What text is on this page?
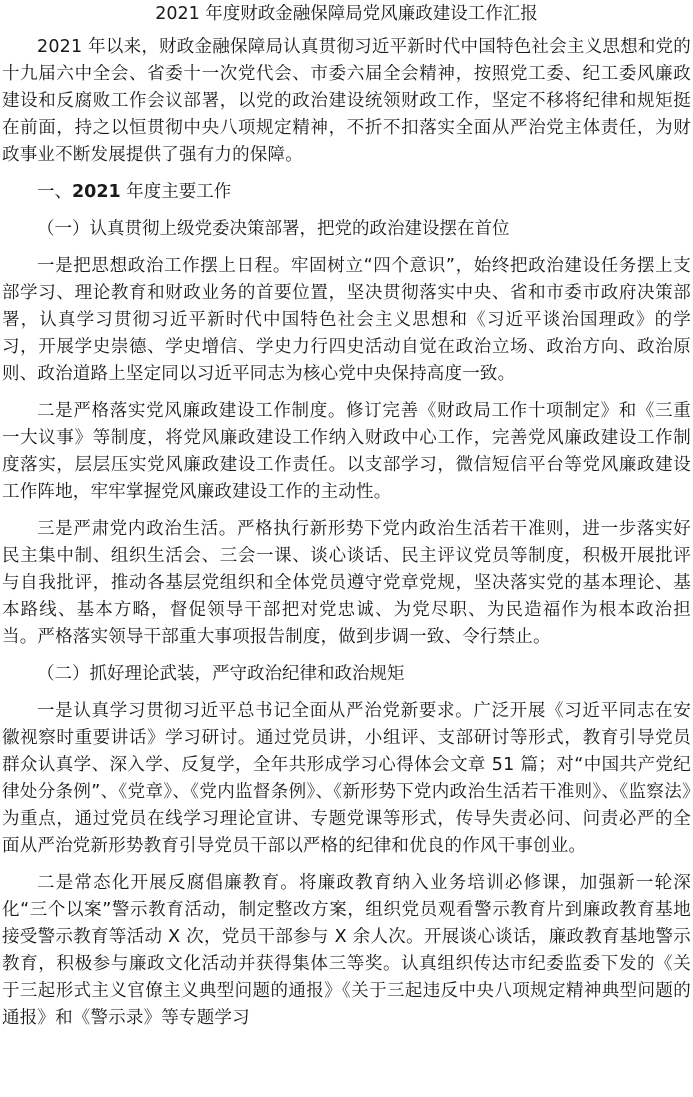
2021 年度财政金融保障局党风廉政建设工作汇报

2021 年以来，财政金融保障局认真贯彻习近平新时代中国特色社会主义思想和党的十九届六中全会、省委十一次党代会、市委六届全会精神，按照党工委、纪工委风廉政建设和反腐败工作会议部署，以党的政治建设统领财政工作，坚定不移将纪律和规矩挺在前面，持之以恒贯彻中央八项规定精神，不折不扣落实全面从严治党主体责任，为财政事业不断发展提供了强有力的保障。

一、2021 年度主要工作

（一）认真贯彻上级党委决策部署，把党的政治建设摆在首位

一是把思想政治工作摆上日程。牢固树立“四个意识”，始终把政治建设任务摆上支部学习、理论教育和财政业务的首要位置，坚决贯彻落实中央、省和市委市政府决策部署，认真学习贯彻习近平新时代中国特色社会主义思想和《习近平谈治国理政》的学习，开展学史崇德、学史增信、学史力行四史活动自觉在政治立场、政治方向、政治原则、政治道路上坚定同以习近平同志为核心党中央保持高度一致。

二是严格落实党风廉政建设工作制度。修订完善《财政局工作十项制定》和《三重一大议事》等制度，将党风廉政建设工作纳入财政中心工作，完善党风廉政建设工作制度落实，层层压实党风廉政建设工作责任。以支部学习，微信短信平台等党风廉政建设工作阵地，牢牢掌握党风廉政建设工作的主动性。

三是严肃党内政治生活。严格执行新形势下党内政治生活若干准则，进一步落实好民主集中制、组织生活会、三会一课、谈心谈话、民主评议党员等制度，积极开展批评与自我批评，推动各基层党组织和全体党员遵守党章党规，坚决落实党的基本理论、基本路线、基本方略，督促领导干部把对党忠诚、为党尽职、为民造福作为根本政治担当。严格落实领导干部重大事项报告制度，做到步调一致、令行禁止。

（二）抓好理论武装，严守政治纪律和政治规矩

一是认真学习贯彻习近平总书记全面从严治党新要求。广泛开展《习近平同志在安徽视察时重要讲话》学习研讨。通过党员讲，小组评、支部研讨等形式，教育引导党员群众认真学、深入学、反复学，全年共形成学习心得体会文章 51 篇；对“中国共产党纪律处分条例”、《党章》、《党内监督条例》、《新形势下党内政治生活若干准则》、《监察法》为重点，通过党员在线学习理论宣讲、专题党课等形式，传导失责必问、问责必严的全面从严治党新形势教育引导党员干部以严格的纪律和优良的作风干事创业。

二是常态化开展反腐倡廉教育。将廉政教育纳入业务培训必修课，加强新一轮深化“三个以案”警示教育活动，制定整改方案，组织党员观看警示教育片到廉政教育基地接受警示教育等活动 X 次，党员干部参与 X 余人次。开展谈心谈话，廉政教育基地警示教育，积极参与廉政文化活动并获得集体三等奖。认真组织传达市纪委监委下发的《关于三起形式主义官僚主义典型问题的通报》《关于三起违反中央八项规定精神典型问题的通报》和《警示录》等专题学习
